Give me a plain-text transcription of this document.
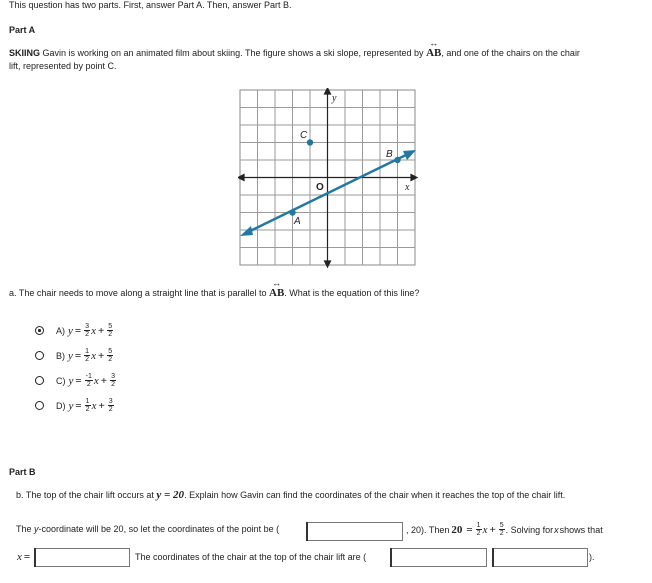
This question has two parts. First, answer Part A. Then, answer Part B.
Part A
SKIING Gavin is working on an animated film about skiing. The figure shows a ski slope, represented by ↔ AB, and one of the chairs on the chair
lift, represented by point C.
y
x
O
A
B
C
a. The chair needs to move along a straight line that is parallel to ↔ AB. What is the equation of this line?
A) $y = \frac{3}{2}$ $x + \frac{5}{2}$
B) $y = \frac{1}{2}$ $x + \frac{5}{2}$
C) $y = \frac{-1}{2}$ $x + \frac{3}{2}$
D) $y = \frac{1}{2}$ $x + \frac{3}{2}$
Part B
b. The top of the chair lift occurs at y = 20. Explain how Gavin can find the coordinates of the chair when it reaches the top of the chair lift.
The y-coordinate will be 20, so let the coordinates of the point be (	, 20). Then $20 = \frac{1}{2}$ $x + \frac{5}{2}$ . Solving for x shows that
x =	The coordinates of the chair at the top of the chair lift are (	).
